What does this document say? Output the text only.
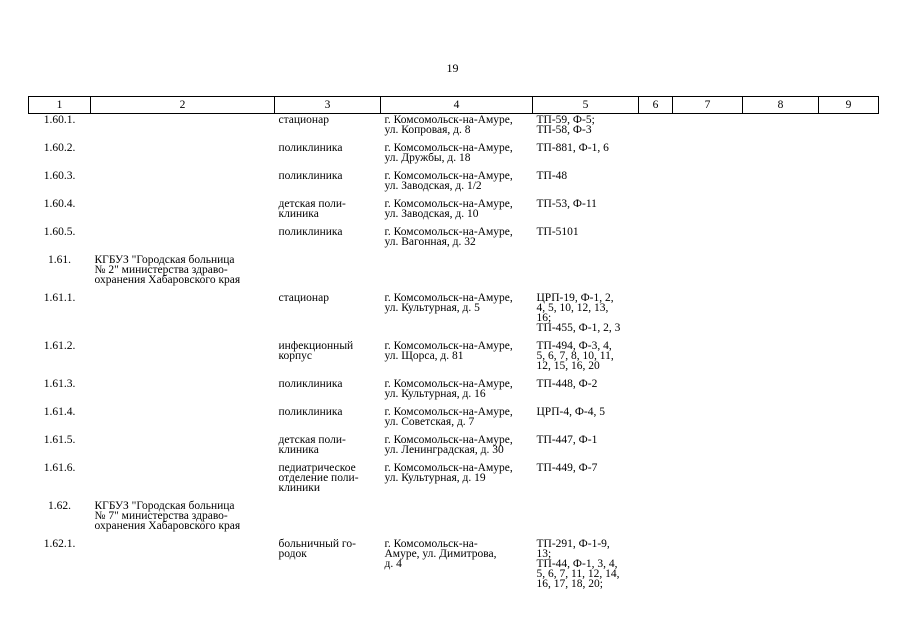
19
1	2	3	4	5	6	7	8	9

1.60.1.		стационар	г. Комсомольск-на-Амуре,
ул. Копровая, д. 8	ТП-59, Ф-5;
ТП-58, Ф-3				

1.60.2.		поликлиника	г. Комсомольск-на-Амуре,
ул. Дружбы, д. 18	ТП-881, Ф-1, 6				

1.60.3.		поликлиника	г. Комсомольск-на-Амуре,
ул. Заводская, д. 1/2	ТП-48				

1.60.4.		детская поли-
клиника	г. Комсомольск-на-Амуре,
ул. Заводская, д. 10	ТП-53, Ф-11				

1.60.5.		поликлиника	г. Комсомольск-на-Амуре,
ул. Вагонная, д. 32	ТП-5101				

1.61.	КГБУЗ "Городская больница
№ 2" министерства здраво-
охранения Хабаровского края							

1.61.1.		стационар	г. Комсомольск-на-Амуре,
ул. Культурная, д. 5	ЦРП-19, Ф-1, 2,
4, 5, 10, 12, 13,
16;
ТП-455, Ф-1, 2, 3				

1.61.2.		инфекционный
корпус	г. Комсомольск-на-Амуре,
ул. Щорса, д. 81	ТП-494, Ф-3, 4,
5, 6, 7, 8, 10, 11,
12, 15, 16, 20				

1.61.3.		поликлиника	г. Комсомольск-на-Амуре,
ул. Культурная, д. 16	ТП-448, Ф-2				

1.61.4.		поликлиника	г. Комсомольск-на-Амуре,
ул. Советская, д. 7	ЦРП-4, Ф-4, 5				

1.61.5.		детская поли-
клиника	г. Комсомольск-на-Амуре,
ул. Ленинградская, д. 30	ТП-447, Ф-1				

1.61.6.		педиатрическое
отделение поли-
клиники	г. Комсомольск-на-Амуре,
ул. Культурная, д. 19	ТП-449, Ф-7				

1.62.	КГБУЗ "Городская больница
№ 7" министерства здраво-
охранения Хабаровского края							

1.62.1.		больничный го-
родок	г. Комсомольск-на-
Амуре, ул. Димитрова,
д. 4	ТП-291, Ф-1-9,
13;
ТП-44, Ф-1, 3, 4,
5, 6, 7, 11, 12, 14,
16, 17, 18, 20;				
